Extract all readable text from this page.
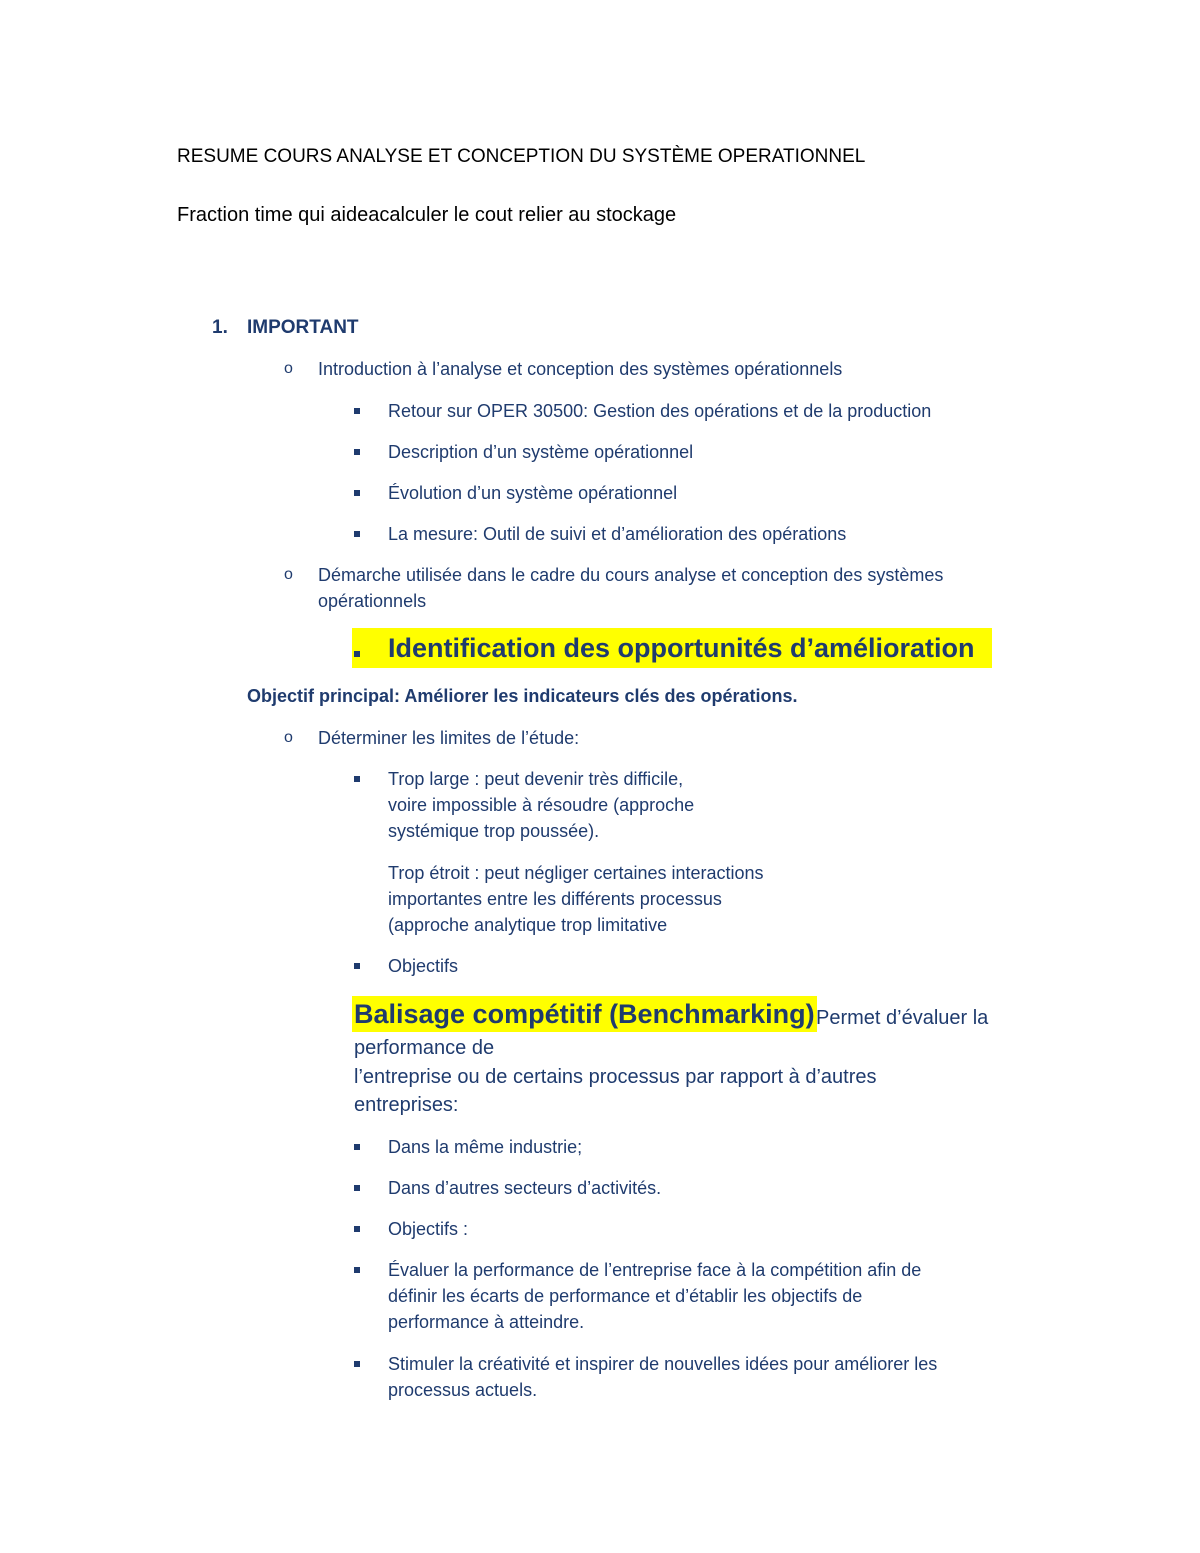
RESUME COURS ANALYSE ET CONCEPTION DU SYSTÈME OPERATIONNEL
Fraction time qui aideacalculer le cout relier au stockage
1. IMPORTANT
o Introduction à l’analyse et conception des systèmes opérationnels
Retour sur OPER 30500: Gestion des opérations et de la production
Description d’un système opérationnel
Évolution d’un système opérationnel
La mesure: Outil de suivi et d’amélioration des opérations
o Démarche utilisée dans le cadre du cours analyse et conception des systèmes
opérationnels
Identification des opportunités d’amélioration
Objectif principal: Améliorer les indicateurs clés des opérations.
o Déterminer les limites de l’étude:
Trop large : peut devenir très difficile,
voire impossible à résoudre (approche
systémique trop poussée).
Trop étroit : peut négliger certaines interactions
importantes entre les différents processus
(approche analytique trop limitative
Objectifs
Balisage compétitif (Benchmarking) Permet d’évaluer la
performance de
l’entreprise ou de certains processus par rapport à d’autres
entreprises:
Dans la même industrie;
Dans d’autres secteurs d’activités.
Objectifs :
Évaluer la performance de l’entreprise face à la compétition afin de
définir les écarts de performance et d’établir les objectifs de
performance à atteindre.
Stimuler la créativité et inspirer de nouvelles idées pour améliorer les
processus actuels.
